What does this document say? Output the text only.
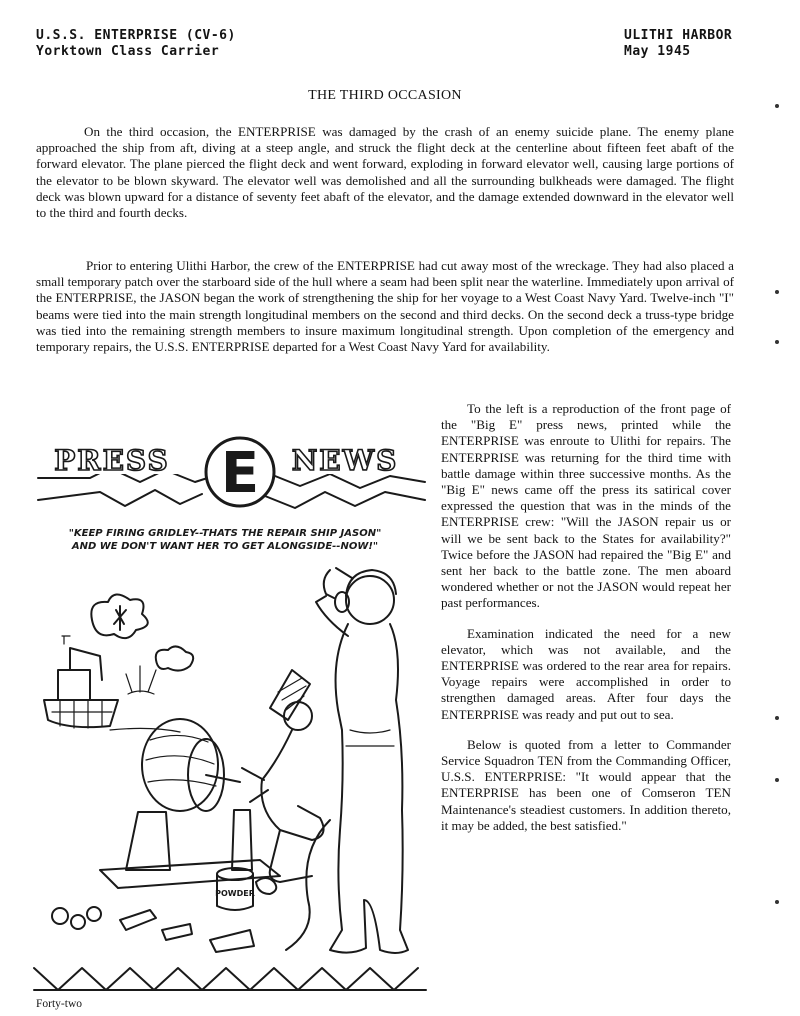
U.S.S. ENTERPRISE (CV-6)
Yorktown Class Carrier
ULITHI HARBOR
May 1945
THE THIRD OCCASION

On the third occasion, the ENTERPRISE was damaged by the crash of an enemy suicide plane. The enemy plane approached the ship from aft, diving at a steep angle, and struck the flight deck at the centerline about fifteen feet abaft of the forward elevator. The plane pierced the flight deck and went forward, exploding in forward elevator well, causing large portions of the elevator to be blown skyward. The elevator well was demolished and all the surrounding bulkheads were damaged. The flight deck was blown upward for a distance of seventy feet abaft of the elevator, and the damage extended downward in the elevator well to the third and fourth decks.

Prior to entering Ulithi Harbor, the crew of the ENTERPRISE had cut away most of the wreckage. They had also placed a small temporary patch over the starboard side of the hull where a seam had been split near the waterline. Immediately upon arrival of the ENTERPRISE, the JASON began the work of strengthening the ship for her voyage to a West Coast Navy Yard. Twelve-inch "I" beams were tied into the main strength longitudinal members on the second and third decks. On the second deck a truss-type bridge was tied into the remaining strength members to insure maximum longitudinal strength. Upon completion of the emergency and temporary repairs, the U.S.S. ENTERPRISE departed for a West Coast Navy Yard for availability.

To the left is a reproduction of the front page of the "Big E" press news, printed while the ENTERPRISE was enroute to Ulithi for repairs. The ENTERPRISE was returning for the third time with battle damage within three successive months. As the "Big E" news came off the press its satirical cover expressed the question that was in the minds of the ENTERPRISE crew: "Will the JASON repair us or will we be sent back to the States for availability?" Twice before the JASON had repaired the "Big E" and sent her back to the battle zone. The men aboard wondered whether or not the JASON would repeat her past performances.

Examination indicated the need for a new elevator, which was not available, and the ENTERPRISE was ordered to the rear area for repairs. Voyage repairs were accomplished in order to strengthen damaged areas. After four days the ENTERPRISE was ready and put out to sea.

Below is quoted from a letter to Commander Service Squadron TEN from the Commanding Officer, U.S.S. ENTERPRISE: "It would appear that the ENTERPRISE has been one of Comseron TEN Maintenance's steadiest customers. In addition thereto, it may be added, the best satisfied."

PRESS	NEWS
E
"KEEP FIRING GRIDLEY--THATS THE REPAIR SHIP JASON"
AND WE DON'T WANT HER TO GET ALONGSIDE--NOW!"
POWDER
Forty-two
